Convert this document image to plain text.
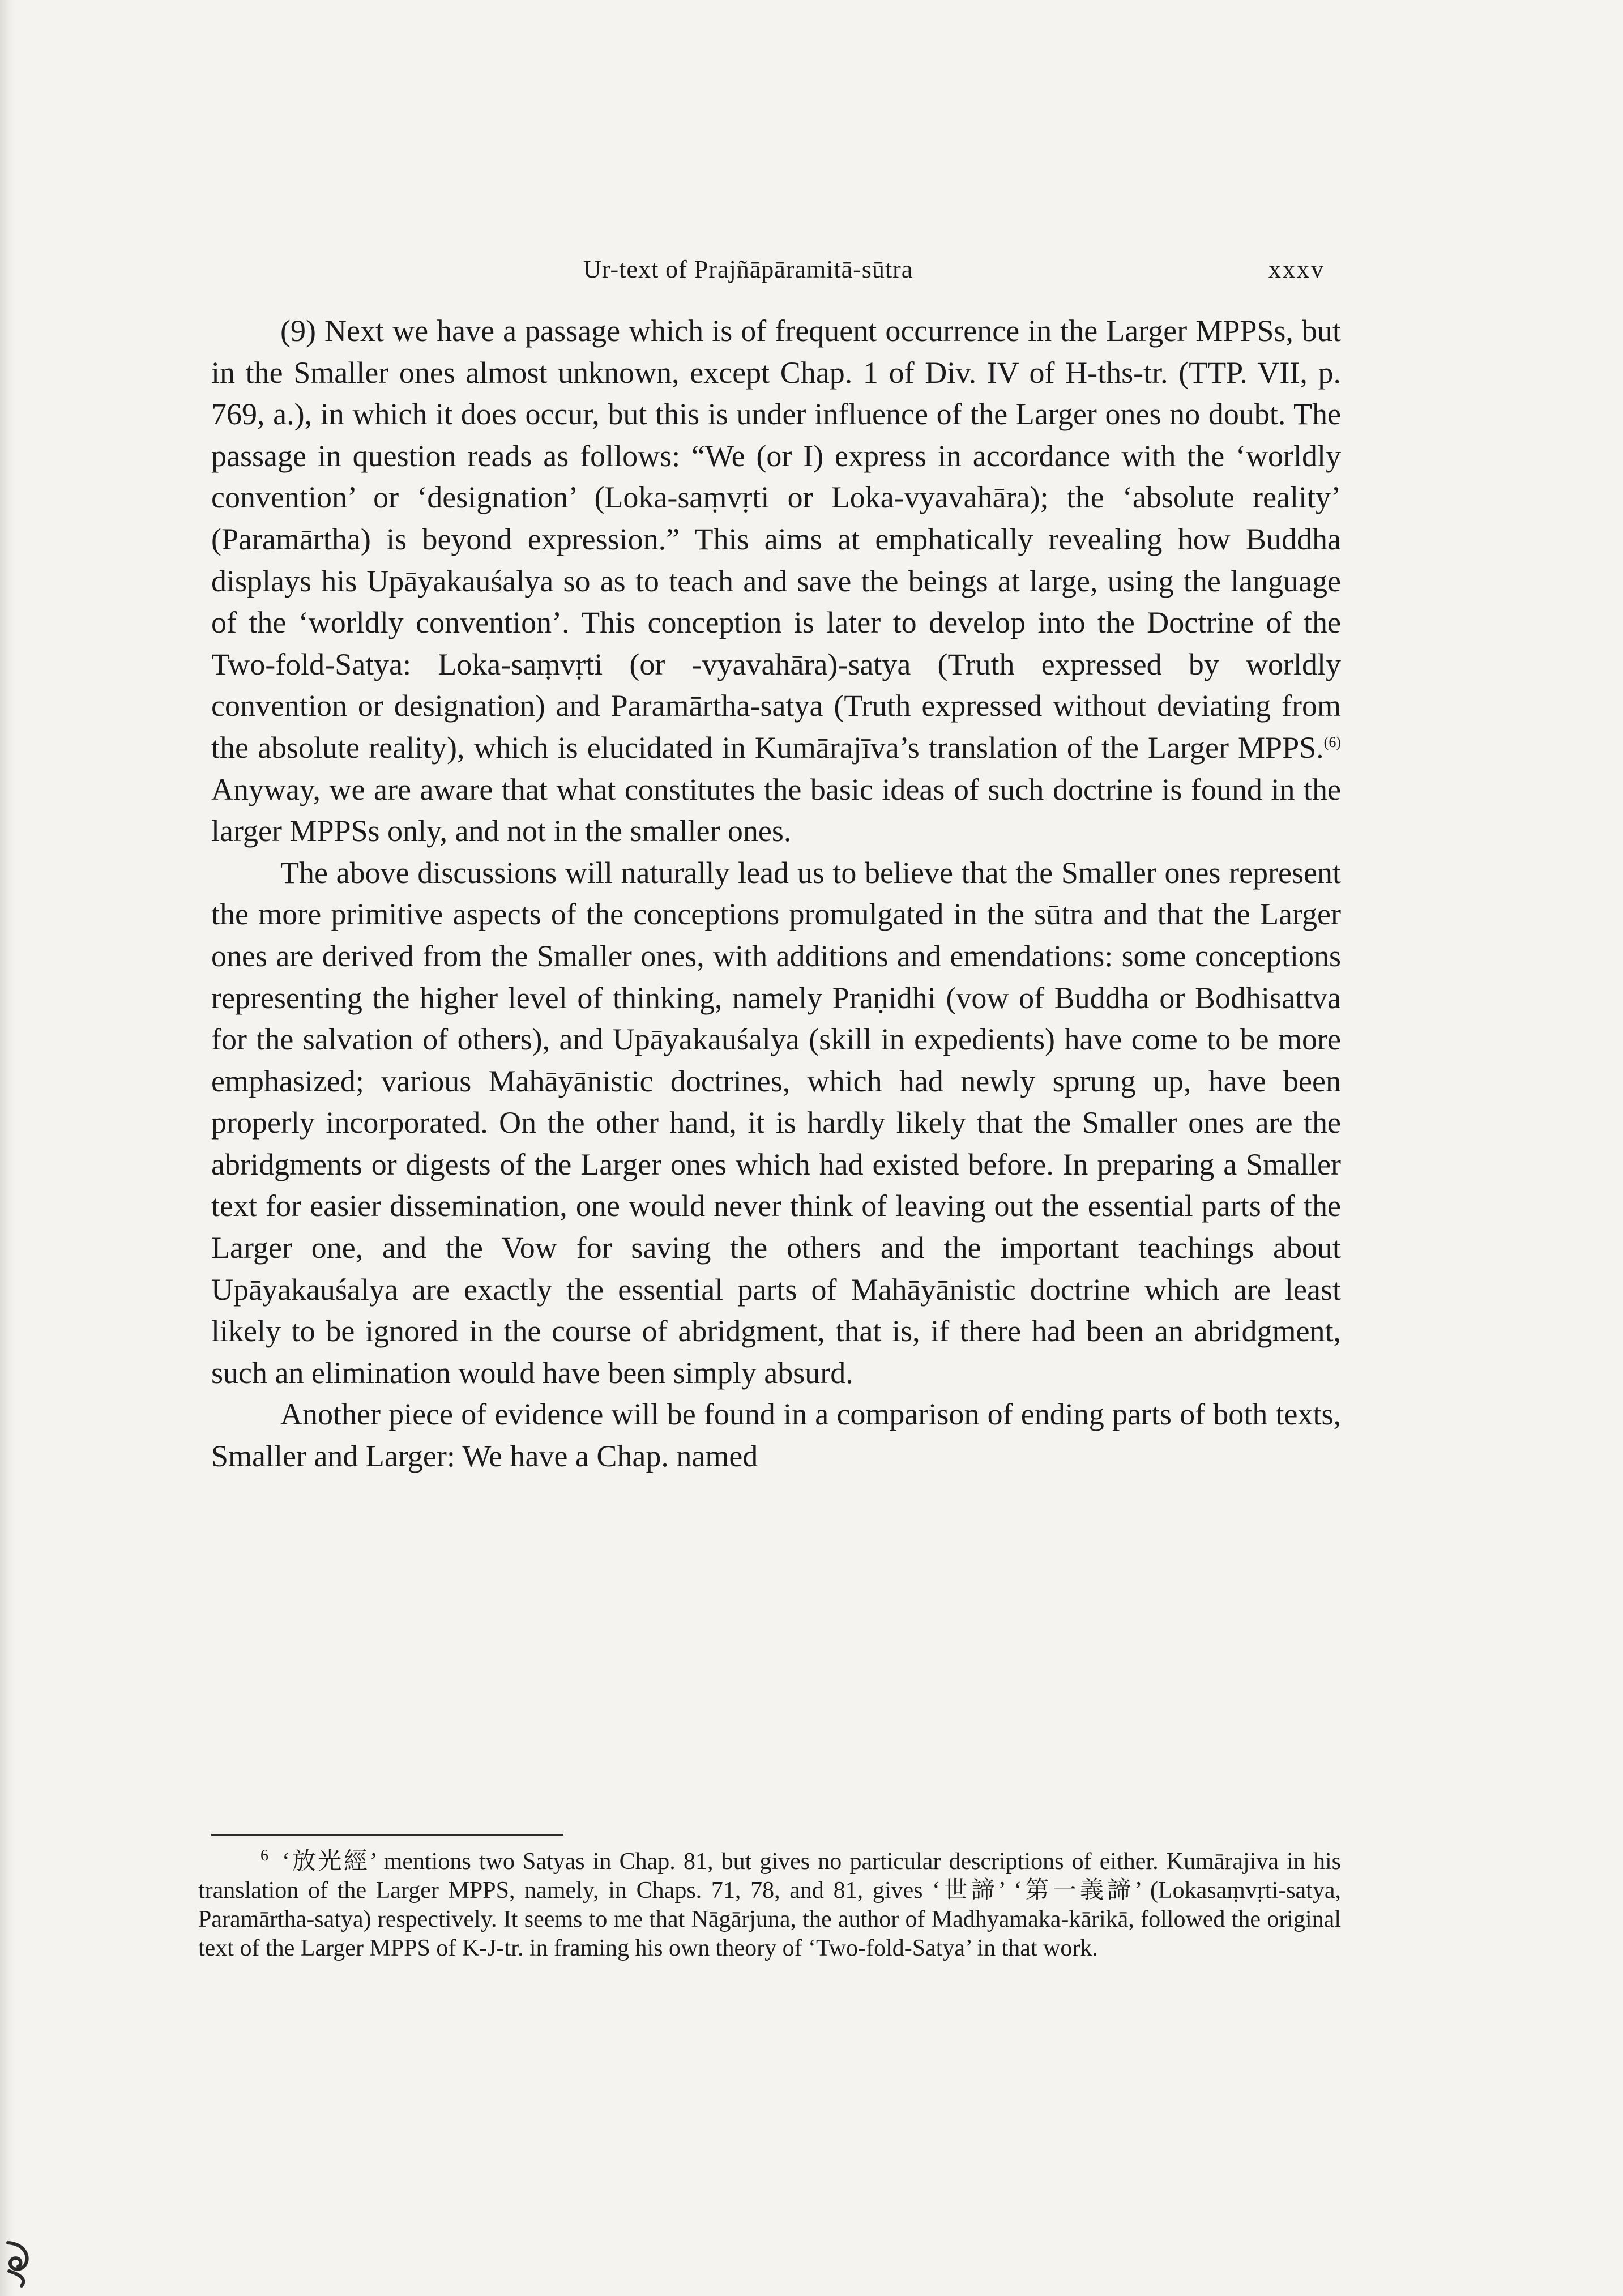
Ur-text of Prajñāpāramitā-sūtra	xxxv

(9) Next we have a passage which is of frequent occurrence in the Larger MPPSs, but in the Smaller ones almost unknown, except Chap. 1 of Div. IV of H-ths-tr. (TTP. VII, p. 769, a.), in which it does occur, but this is under influence of the Larger ones no doubt. The passage in question reads as follows: “We (or I) express in accordance with the ‘worldly convention’ or ‘designation’ (Loka-saṃvṛti or Loka-vyavahāra); the ‘absolute reality’ (Paramārtha) is beyond expression.” This aims at emphatically revealing how Buddha displays his Upāyakauśalya so as to teach and save the beings at large, using the language of the ‘worldly convention’. This conception is later to develop into the Doctrine of the Two-fold-Satya: Loka-saṃvṛti (or -vyavahāra)-satya (Truth expressed by worldly convention or designation) and Paramārtha-satya (Truth expressed without deviating from the absolute reality), which is elucidated in Kumārajīva’s translation of the Larger MPPS.$^{(6)}$ Anyway, we are aware that what constitutes the basic ideas of such doctrine is found in the larger MPPSs only, and not in the smaller ones.

The above discussions will naturally lead us to believe that the Smaller ones represent the more primitive aspects of the conceptions promulgated in the sūtra and that the Larger ones are derived from the Smaller ones, with additions and emendations: some conceptions representing the higher level of thinking, namely Praṇidhi (vow of Buddha or Bodhisattva for the salvation of others), and Upāyakauśalya (skill in expedients) have come to be more emphasized; various Mahāyānistic doctrines, which had newly sprung up, have been properly incorporated. On the other hand, it is hardly likely that the Smaller ones are the abridgments or digests of the Larger ones which had existed before. In preparing a Smaller text for easier dissemination, one would never think of leaving out the essential parts of the Larger one, and the Vow for saving the others and the important teachings about Upāyakauśalya are exactly the essential parts of Mahāyānistic doctrine which are least likely to be ignored in the course of abridgment, that is, if there had been an abridgment, such an elimination would have been simply absurd.

Another piece of evidence will be found in a comparison of ending parts of both texts, Smaller and Larger: We have a Chap. named

$^6$ ‘放光經’ mentions two Satyas in Chap. 81, but gives no particular descriptions of either. Kumārajiva in his translation of the Larger MPPS, namely, in Chaps. 71, 78, and 81, gives ‘世諦’ ‘第一義諦’ (Lokasaṃvṛti-satya, Paramārtha-satya) respectively. It seems to me that Nāgārjuna, the author of Madhyamaka-kārikā, followed the original text of the Larger MPPS of K-J-tr. in framing his own theory of ‘Two-fold-Satya’ in that work.
